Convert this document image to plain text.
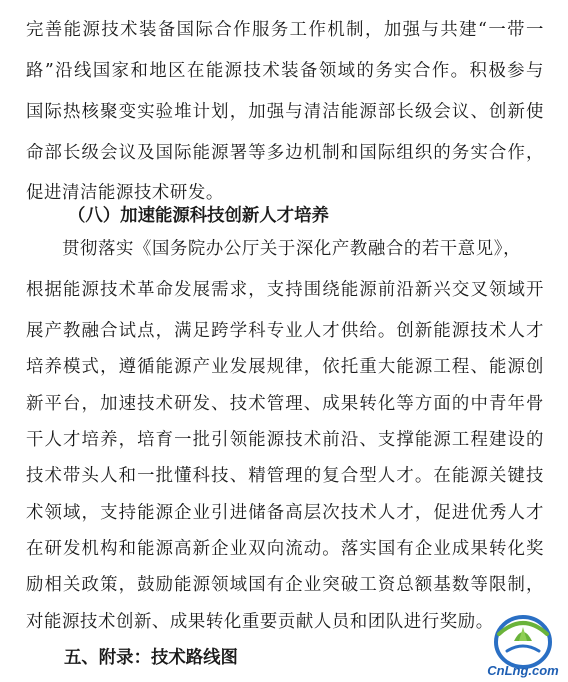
完善能源技术装备国际合作服务工作机制，加强与共建“一带一
路”沿线国家和地区在能源技术装备领域的务实合作。积极参与
国际热核聚变实验堆计划，加强与清洁能源部长级会议、创新使
命部长级会议及国际能源署等多边机制和国际组织的务实合作，
促进清洁能源技术研发。
（八）加速能源科技创新人才培养
贯彻落实《国务院办公厅关于深化产教融合的若干意见》，
根据能源技术革命发展需求，支持围绕能源前沿新兴交叉领域开
展产教融合试点，满足跨学科专业人才供给。创新能源技术人才
培养模式，遵循能源产业发展规律，依托重大能源工程、能源创
新平台，加速技术研发、技术管理、成果转化等方面的中青年骨
干人才培养，培育一批引领能源技术前沿、支撑能源工程建设的
技术带头人和一批懂科技、精管理的复合型人才。在能源关键技
术领域，支持能源企业引进储备高层次技术人才，促进优秀人才
在研发机构和能源高新企业双向流动。落实国有企业成果转化奖
励相关政策，鼓励能源领域国有企业突破工资总额基数等限制，
对能源技术创新、成果转化重要贡献人员和团队进行奖励。
五、附录：技术路线图
CnLng.com
